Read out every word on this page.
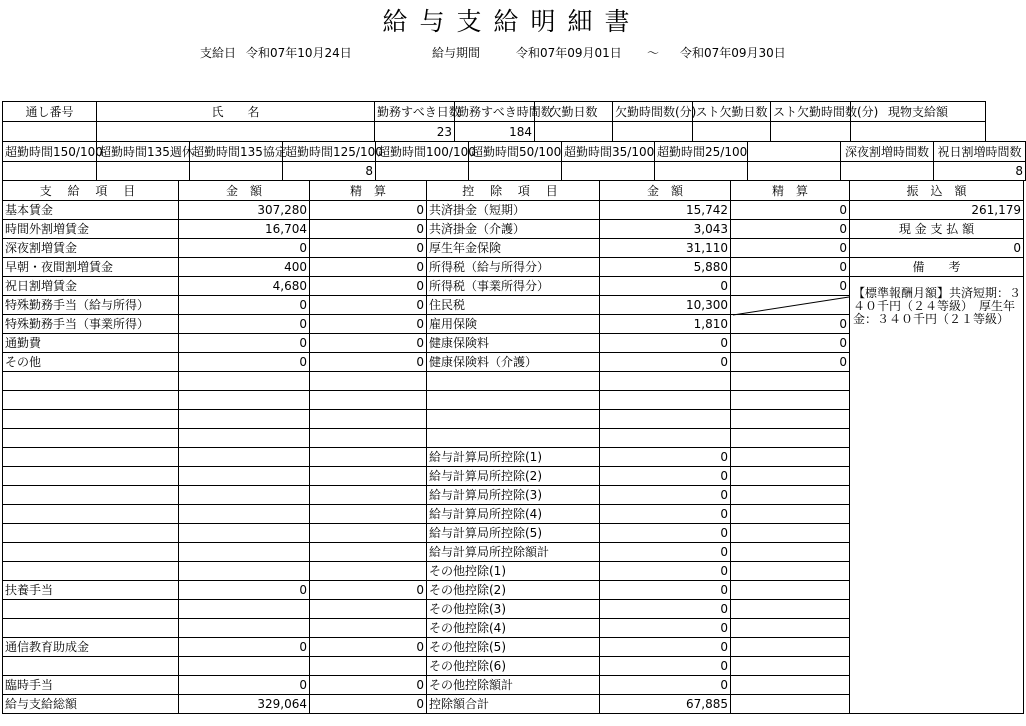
給与支給明細書
支給日 令和07年10月24日	給与期間	令和07年09月01日 〜 令和07年09月30日
通し番号	氏　　名	勤務すべき日数	勤務すべき時間数	欠勤日数	欠勤時間数(分)	スト欠勤日数	スト欠勤時間数(分)	現物支給額
		23	184					
超勤時間150/100	超勤時間135週休	超勤時間135協定	超勤時間125/100	超勤時間100/100	超勤時間50/100	超勤時間35/100	超勤時間25/100		深夜割増時間数	祝日割増時間数
			8							8
支 給 項 目	金　額	精　算	控 除 項 目	金　額	精　算	振　込　額
基本賃金	307,280	0	共済掛金（短期）	15,742	0	261,179
時間外割増賃金	16,704	0	共済掛金（介護）	3,043	0	現 金 支 払 額
深夜割増賃金	0	0	厚生年金保険	31,110	0	0
早朝・夜間割増賃金	400	0	所得税（給与所得分）	5,880	0	備　　考
祝日割増賃金	4,680	0	所得税（事業所得分）	0	0	
特殊勤務手当（給与所得）	0	0	住民税	10,300		
特殊勤務手当（事業所得）	0	0	雇用保険	1,810	0	
通勤費	0	0	健康保険料	0	0	
その他	0	0	健康保険料（介護）	0	0	

			給与計算局所控除(1)	0		
			給与計算局所控除(2)	0		
			給与計算局所控除(3)	0		
			給与計算局所控除(4)	0		
			給与計算局所控除(5)	0		
			給与計算局所控除額計	0		
			その他控除(1)	0		
扶養手当	0	0	その他控除(2)	0		
			その他控除(3)	0		
			その他控除(4)	0		
通信教育助成金	0	0	その他控除(5)	0		
			その他控除(6)	0		
臨時手当	0	0	その他控除額計	0		
給与支給総額	329,064	0	控除額合計	67,885		
【標準報酬月額】共済短期：３４０千円（２４等級）　厚生年金：３４０千円（２１等級）
